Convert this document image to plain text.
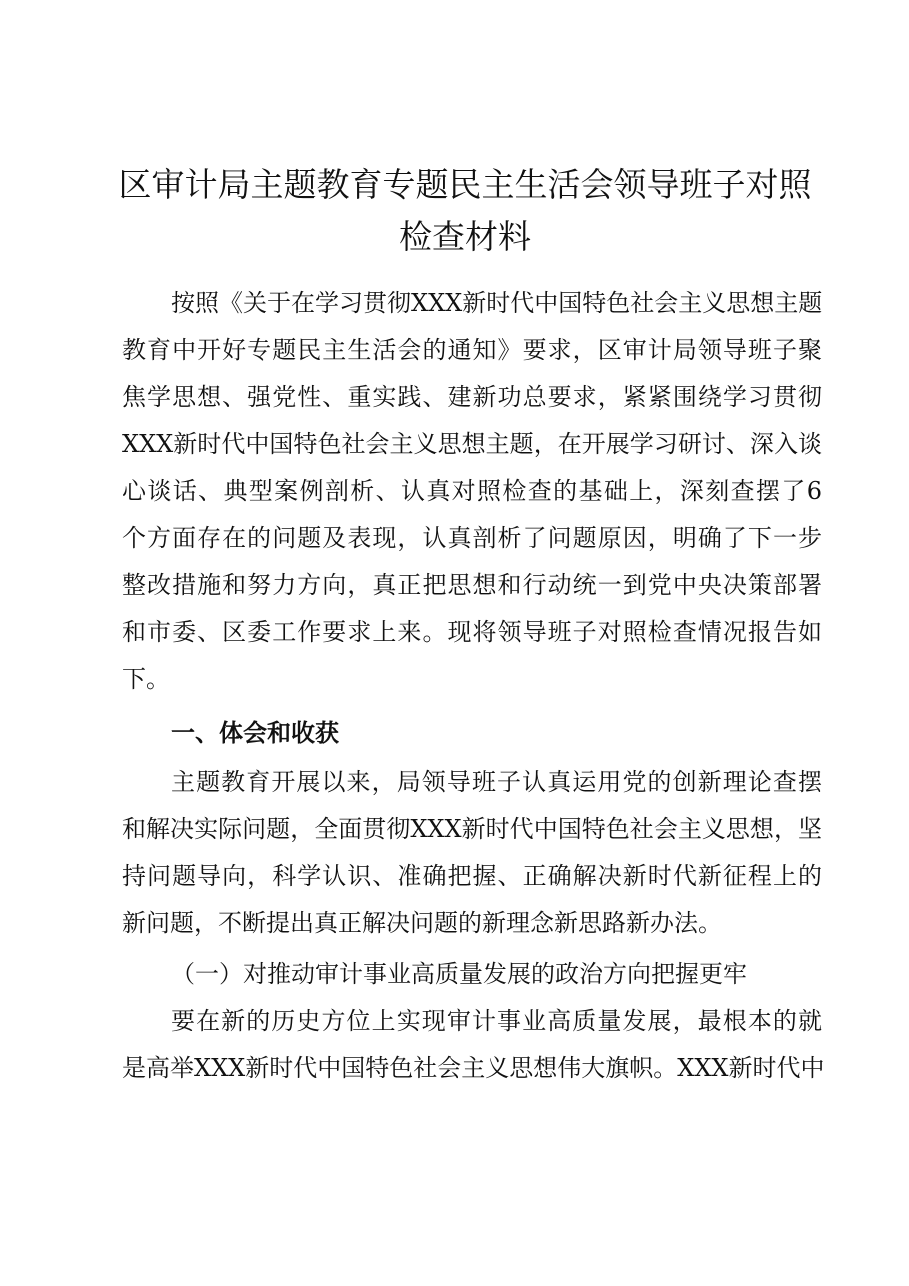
区审计局主题教育专题民主生活会领导班子对照
检查材料
按照《关于在学习贯彻XXX新时代中国特色社会主义思想主题
教育中开好专题民主生活会的通知》要求，区审计局领导班子聚
焦学思想、强党性、重实践、建新功总要求，紧紧围绕学习贯彻
XXX新时代中国特色社会主义思想主题，在开展学习研讨、深入谈
心谈话、典型案例剖析、认真对照检查的基础上，深刻查摆了6
个方面存在的问题及表现，认真剖析了问题原因，明确了下一步
整改措施和努力方向，真正把思想和行动统一到党中央决策部署
和市委、区委工作要求上来。现将领导班子对照检查情况报告如
下。
一、体会和收获
主题教育开展以来，局领导班子认真运用党的创新理论查摆
和解决实际问题，全面贯彻XXX新时代中国特色社会主义思想，坚
持问题导向，科学认识、准确把握、正确解决新时代新征程上的
新问题，不断提出真正解决问题的新理念新思路新办法。
（一）对推动审计事业高质量发展的政治方向把握更牢
要在新的历史方位上实现审计事业高质量发展，最根本的就
是高举XXX新时代中国特色社会主义思想伟大旗帜。XXX新时代中
